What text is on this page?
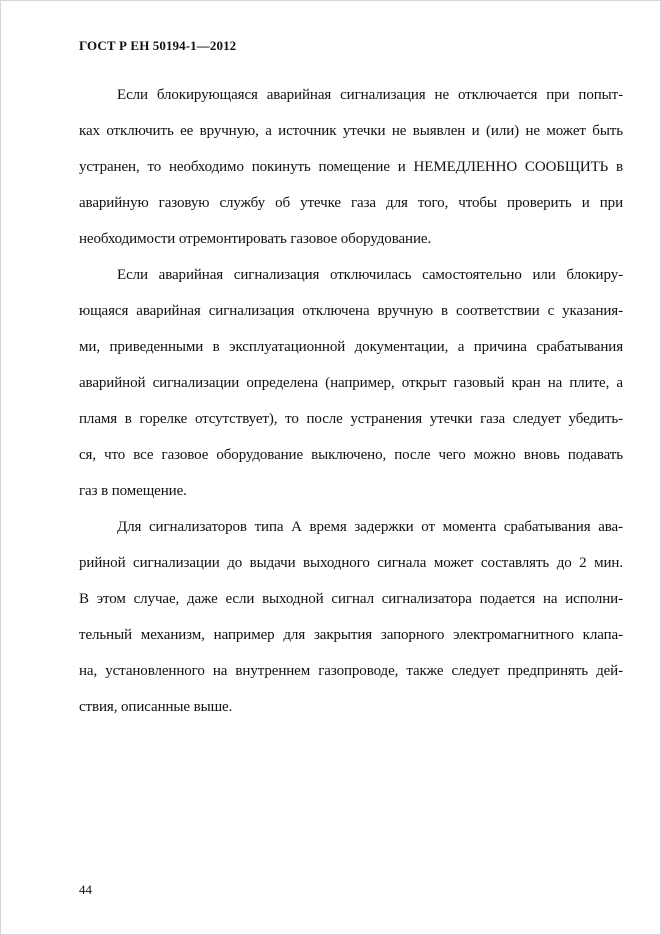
ГОСТ Р ЕН 50194-1—2012
Если блокирующаяся аварийная сигнализация не отключается при попыт-
ках отключить ее вручную, а источник утечки не выявлен и (или) не может быть
устранен, то необходимо покинуть помещение и НЕМЕДЛЕННО СООБЩИТЬ в
аварийную газовую службу об утечке газа для того, чтобы проверить и при
необходимости отремонтировать газовое оборудование.
Если аварийная сигнализация отключилась самостоятельно или блокиру-
ющаяся аварийная сигнализация отключена вручную в соответствии с указания-
ми, приведенными в эксплуатационной документации, а причина срабатывания
аварийной сигнализации определена (например, открыт газовый кран на плите, а
пламя в горелке отсутствует), то после устранения утечки газа следует убедить-
ся, что все газовое оборудование выключено, после чего можно вновь подавать
газ в помещение.
Для сигнализаторов типа А время задержки от момента срабатывания ава-
рийной сигнализации до выдачи выходного сигнала может составлять до 2 мин.
В этом случае, даже если выходной сигнал сигнализатора подается на исполни-
тельный механизм, например для закрытия запорного электромагнитного клапа-
на, установленного на внутреннем газопроводе, также следует предпринять дей-
ствия, описанные выше.
44
